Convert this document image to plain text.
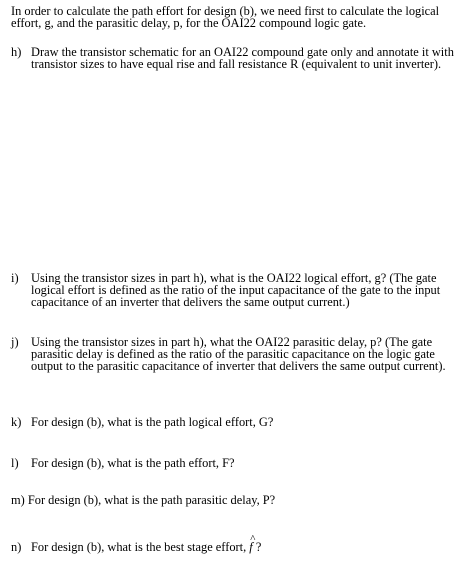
In order to calculate the path effort for design (b), we need first to calculate the logical effort, g, and the parasitic delay, p, for the OAI22 compound logic gate.
h) Draw the transistor schematic for an OAI22 compound gate only and annotate it with transistor sizes to have equal rise and fall resistance R (equivalent to unit inverter).
i) Using the transistor sizes in part h), what is the OAI22 logical effort, g? (The gate logical effort is defined as the ratio of the input capacitance of the gate to the input capacitance of an inverter that delivers the same output current.)
j) Using the transistor sizes in part h), what the OAI22 parasitic delay, p? (The gate parasitic delay is defined as the ratio of the parasitic capacitance on the logic gate output to the parasitic capacitance of inverter that delivers the same output current).
k) For design (b), what is the path logical effort, G?
l) For design (b), what is the path effort, F?
m) For design (b), what is the path parasitic delay, P?
n) For design (b), what is the best stage effort, ^ f ?
